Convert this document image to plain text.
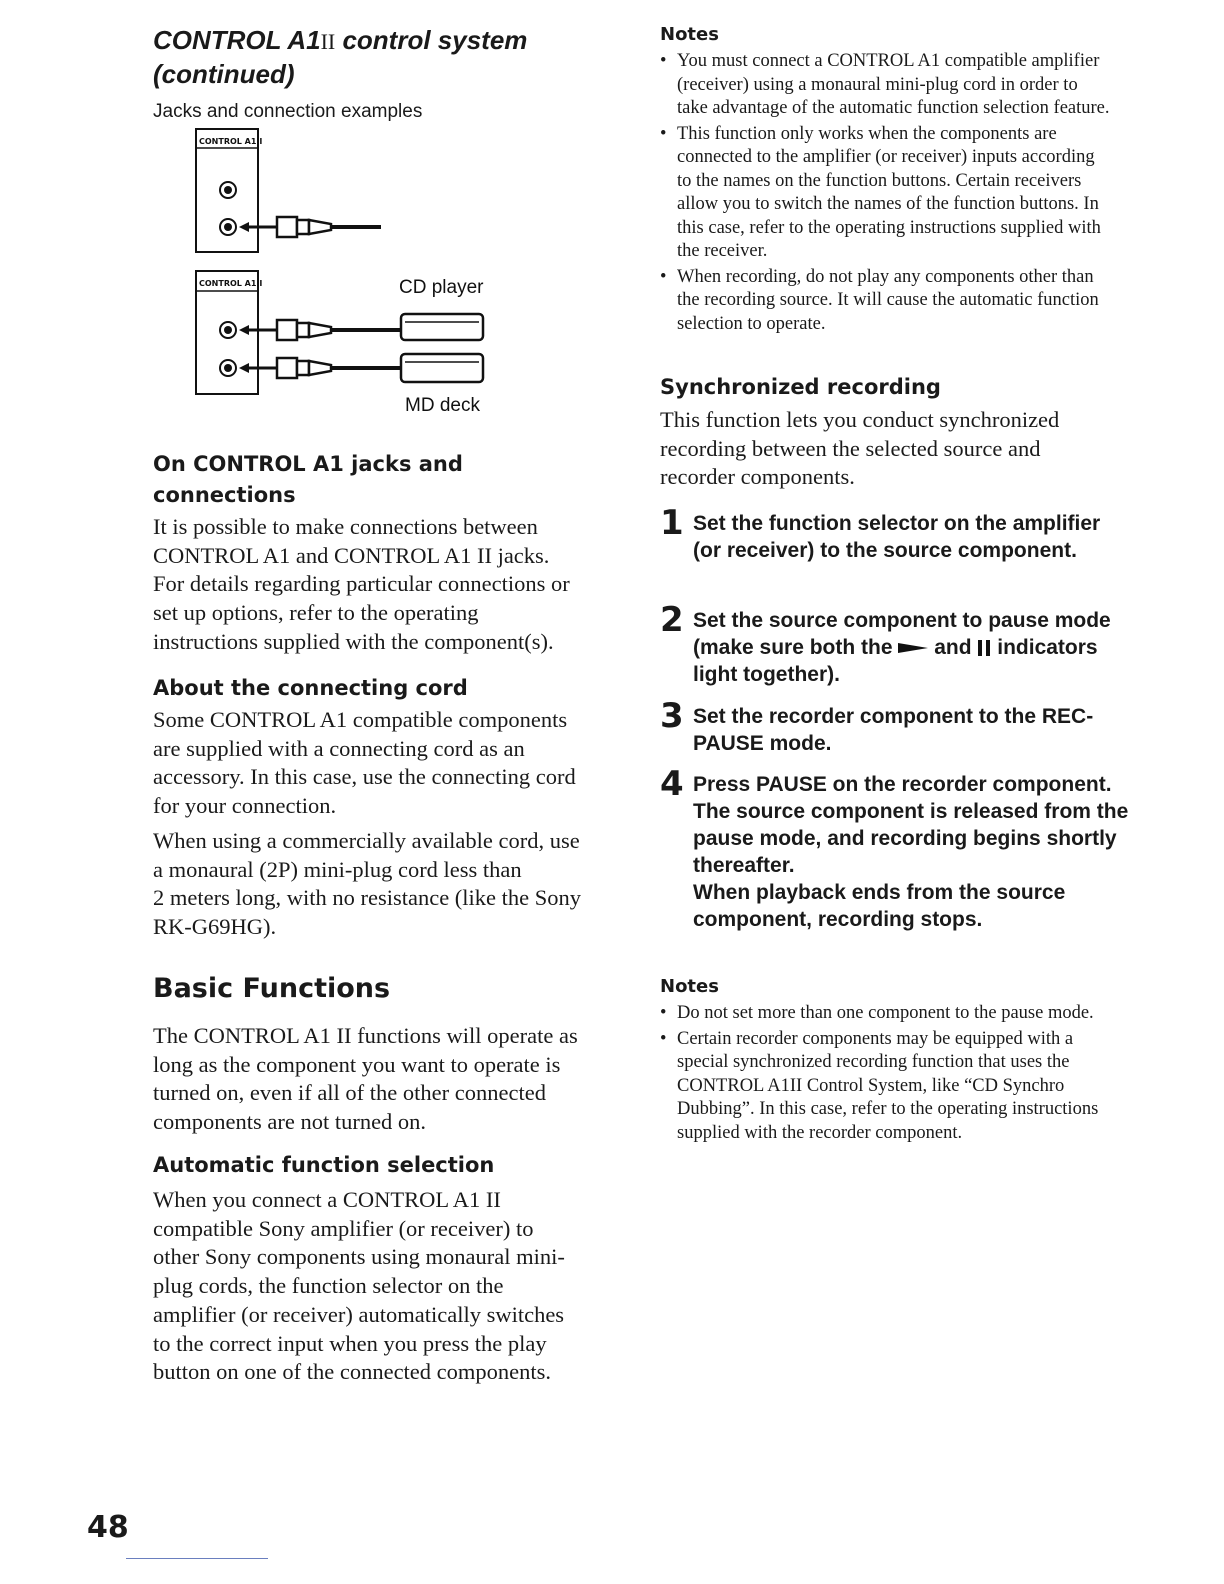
CONTROL A1II control system
(continued)
Jacks and connection examples
CONTROL A1II
CONTROL A1II	CD player
MD deck
On CONTROL A1 jacks and
connections
It is possible to make connections between
CONTROL A1 and CONTROL A1 II jacks.
For details regarding particular connections or
set up options, refer to the operating
instructions supplied with the component(s).
About the connecting cord
Some CONTROL A1 compatible components
are supplied with a connecting cord as an
accessory. In this case, use the connecting cord
for your connection.
When using a commercially available cord, use
a monaural (2P) mini-plug cord less than
2 meters long, with no resistance (like the Sony
RK-G69HG).
Basic Functions
The CONTROL A1 II functions will operate as
long as the component you want to operate is
turned on, even if all of the other connected
components are not turned on.
Automatic function selection
When you connect a CONTROL A1 II
compatible Sony amplifier (or receiver) to
other Sony components using monaural mini-
plug cords, the function selector on the
amplifier (or receiver) automatically switches
to the correct input when you press the play
button on one of the connected components.
Notes
• You must connect a CONTROL A1 compatible amplifier (receiver) using a monaural mini-plug cord in order to take advantage of the automatic function selection feature.
• This function only works when the components are connected to the amplifier (or receiver) inputs according to the names on the function buttons. Certain receivers allow you to switch the names of the function buttons. In this case, refer to the operating instructions supplied with the receiver.
• When recording, do not play any components other than the recording source. It will cause the automatic function selection to operate.
Synchronized recording
This function lets you conduct synchronized
recording between the selected source and
recorder components.
1 Set the function selector on the amplifier (or receiver) to the source component.
2 Set the source component to pause mode (make sure both the  and  indicators light together).
3 Set the recorder component to the REC-PAUSE mode.
4 Press PAUSE on the recorder component.
The source component is released from the pause mode, and recording begins shortly thereafter.
When playback ends from the source component, recording stops.
Notes
• Do not set more than one component to the pause mode.
• Certain recorder components may be equipped with a special synchronized recording function that uses the CONTROL A1II Control System, like “CD Synchro Dubbing”. In this case, refer to the operating instructions supplied with the recorder component.
48
